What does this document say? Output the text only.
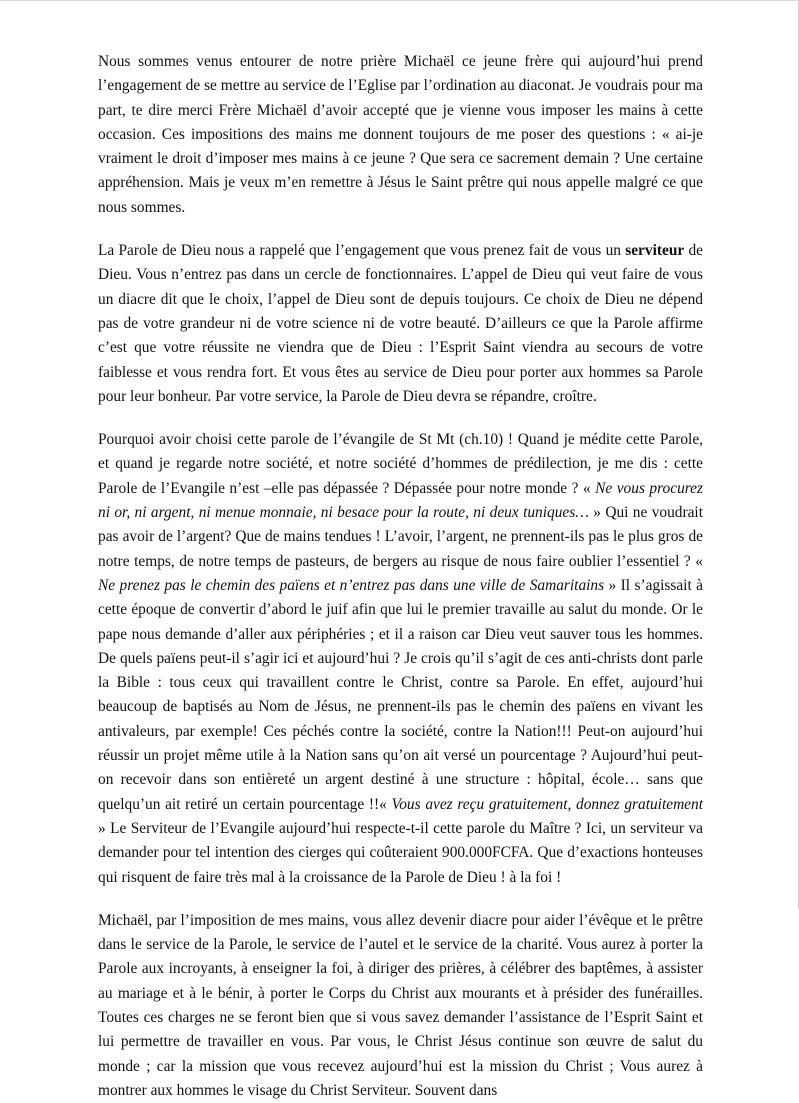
Nous sommes venus entourer de notre prière Michaël ce jeune frère qui aujourd’hui prend l’engagement de se mettre au service de l’Eglise par l’ordination au diaconat. Je voudrais pour ma part, te dire merci Frère Michaël d’avoir accepté que je vienne vous imposer les mains à cette occasion. Ces impositions des mains me donnent toujours de me poser des questions : « ai-je vraiment le droit d’imposer mes mains à ce jeune ? Que sera ce sacrement demain ? Une certaine appréhension. Mais je veux m’en remettre à Jésus le Saint prêtre qui nous appelle malgré ce que nous sommes.

La Parole de Dieu nous a rappelé que l’engagement que vous prenez fait de vous un serviteur de Dieu. Vous n’entrez pas dans un cercle de fonctionnaires. L’appel de Dieu qui veut faire de vous un diacre dit que le choix, l’appel de Dieu sont de depuis toujours. Ce choix de Dieu ne dépend pas de votre grandeur ni de votre science ni de votre beauté. D’ailleurs ce que la Parole affirme c’est que votre réussite ne viendra que de Dieu : l’Esprit Saint viendra au secours de votre faiblesse et vous rendra fort. Et vous êtes au service de Dieu pour porter aux hommes sa Parole pour leur bonheur. Par votre service, la Parole de Dieu devra se répandre, croître.

Pourquoi avoir choisi cette parole de l’évangile de St Mt (ch.10) ! Quand je médite cette Parole, et quand je regarde notre société, et notre société d’hommes de prédilection, je me dis : cette Parole de l’Evangile n’est –elle pas dépassée ? Dépassée pour notre monde ? « Ne vous procurez ni or, ni argent, ni menue monnaie, ni besace pour la route, ni deux tuniques… » Qui ne voudrait pas avoir de l’argent? Que de mains tendues ! L’avoir, l’argent, ne prennent-ils pas le plus gros de notre temps, de notre temps de pasteurs, de bergers au risque de nous faire oublier l’essentiel ? « Ne prenez pas le chemin des païens et n’entrez pas dans une ville de Samaritains » Il s’agissait à cette époque de convertir d’abord le juif afin que lui le premier travaille au salut du monde. Or le pape nous demande d’aller aux périphéries ; et il a raison car Dieu veut sauver tous les hommes. De quels païens peut-il s’agir ici et aujourd’hui ? Je crois qu’il s’agit de ces anti-christs dont parle la Bible : tous ceux qui travaillent contre le Christ, contre sa Parole. En effet, aujourd’hui beaucoup de baptisés au Nom de Jésus, ne prennent-ils pas le chemin des païens en vivant les antivaleurs, par exemple! Ces péchés contre la société, contre la Nation!!! Peut-on aujourd’hui réussir un projet même utile à la Nation sans qu’on ait versé un pourcentage ? Aujourd’hui peut-on recevoir dans son entièreté un argent destiné à une structure : hôpital, école… sans que quelqu’un ait retiré un certain pourcentage !!« Vous avez reçu gratuitement, donnez gratuitement » Le Serviteur de l’Evangile aujourd’hui respecte-t-il cette parole du Maître ? Ici, un serviteur va demander pour tel intention des cierges qui coûteraient 900.000FCFA. Que d’exactions honteuses qui risquent de faire très mal à la croissance de la Parole de Dieu ! à la foi !

Michaël, par l’imposition de mes mains, vous allez devenir diacre pour aider l’évêque et le prêtre dans le service de la Parole, le service de l’autel et le service de la charité. Vous aurez à porter la Parole aux incroyants, à enseigner la foi, à diriger des prières, à célébrer des baptêmes, à assister au mariage et à le bénir, à porter le Corps du Christ aux mourants et à présider des funérailles. Toutes ces charges ne se feront bien que si vous savez demander l’assistance de l’Esprit Saint et lui permettre de travailler en vous. Par vous, le Christ Jésus continue son œuvre de salut du monde ; car la mission que vous recevez aujourd’hui est la mission du Christ ; Vous aurez à montrer aux hommes le visage du Christ Serviteur. Souvent dans
